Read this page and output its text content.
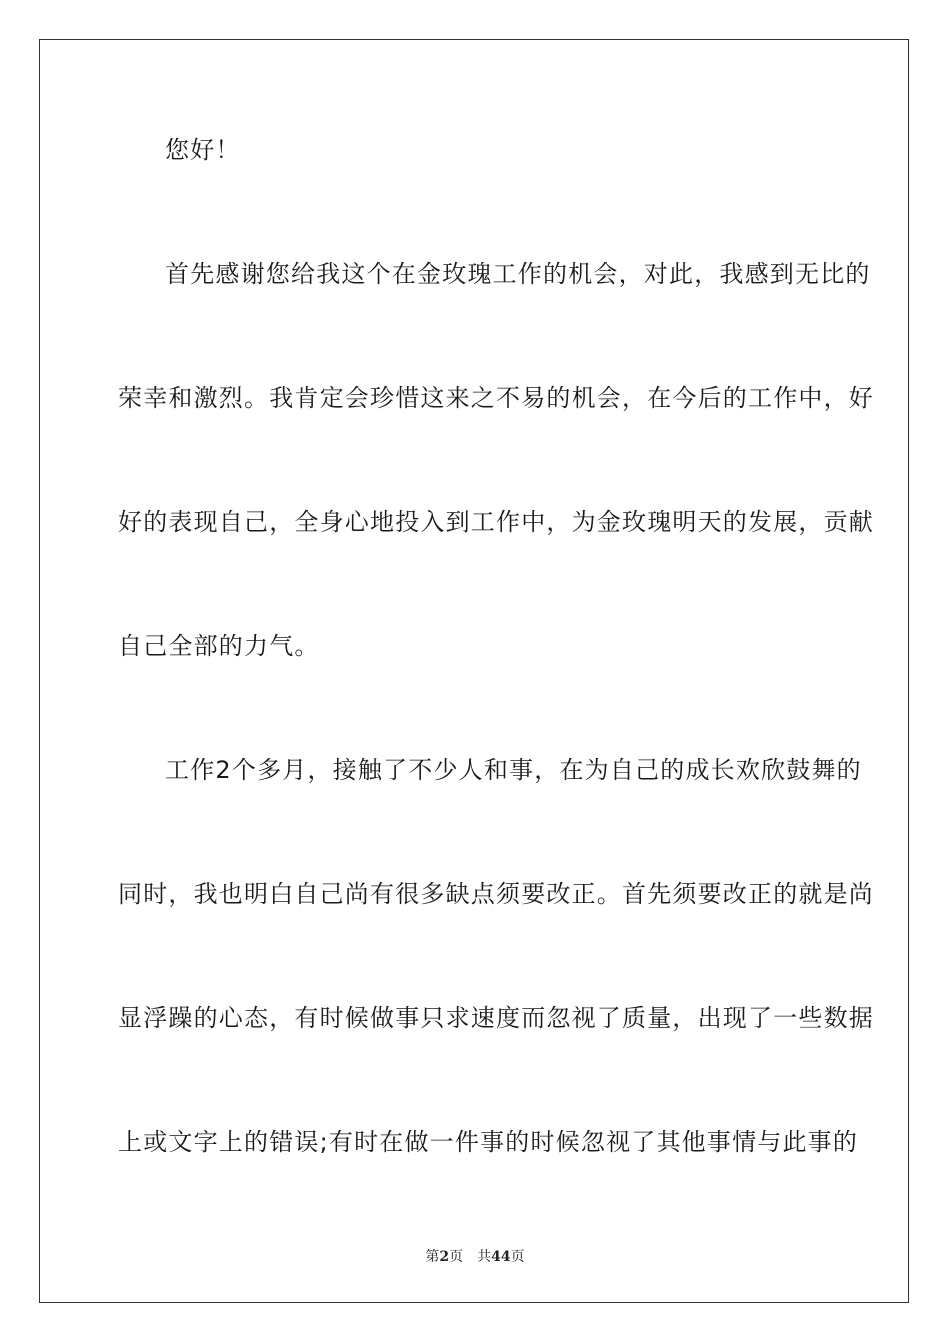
您好！
首先感谢您给我这个在金玫瑰工作的机会，对此，我感到无比的
荣幸和激烈。我肯定会珍惜这来之不易的机会，在今后的工作中，好
好的表现自己，全身心地投入到工作中，为金玫瑰明天的发展，贡献
自己全部的力气。
工作2个多月，接触了不少人和事，在为自己的成长欢欣鼓舞的
同时，我也明白自己尚有很多缺点须要改正。首先须要改正的就是尚
显浮躁的心态，有时候做事只求速度而忽视了质量，出现了一些数据
上或文字上的错误;有时在做一件事的时候忽视了其他事情与此事的
第2页 共44页
